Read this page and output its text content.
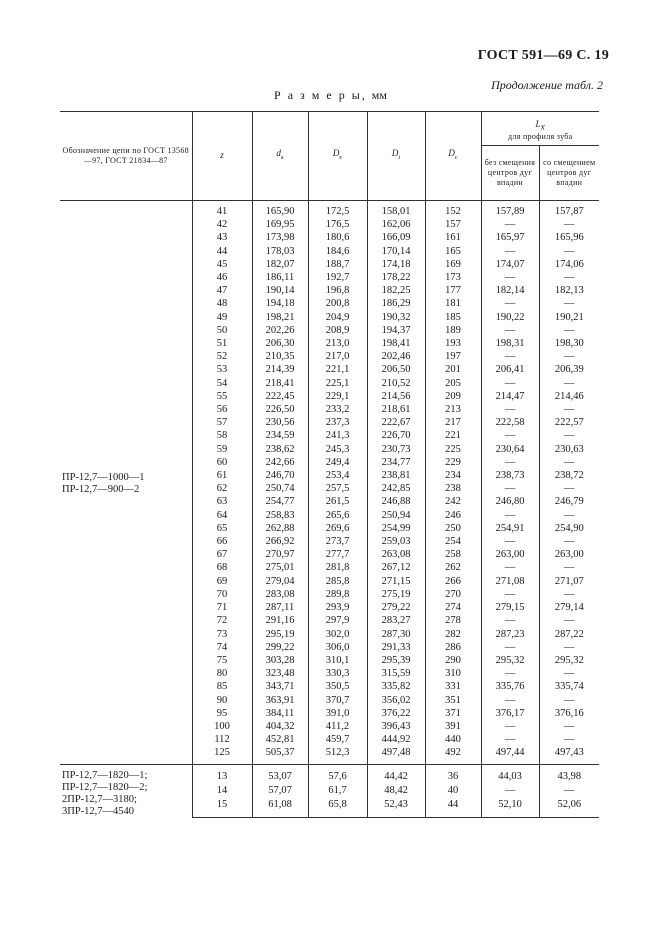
ГОСТ 591—69 С. 19
Продолжение табл. 2
Р а з м е р ы, мм
Обозначение цепи по ГОСТ 13568—97, ГОСТ 21834—87	z	$d_a$	$D_e$	$D_i$	$D_c$	$L_x$
для профиля зуба	

						без смещения центров дуг впадин	со смещением центров дуг впадин

ПР-12,7—1000—1
ПР-12,7—900—2	41	165,90	172,5	158,01	152	157,89	157,87
	42	169,95	176,5	162,06	157	—	—
	43	173,98	180,6	166,09	161	165,97	165,96
	44	178,03	184,6	170,14	165	—	—
	45	182,07	188,7	174,18	169	174,07	174,06
	46	186,11	192,7	178,22	173	—	—
	47	190,14	196,8	182,25	177	182,14	182,13
	48	194,18	200,8	186,29	181	—	—
	49	198,21	204,9	190,32	185	190,22	190,21
	50	202,26	208,9	194,37	189	—	—
	51	206,30	213,0	198,41	193	198,31	198,30
	52	210,35	217,0	202,46	197	—	—
	53	214,39	221,1	206,50	201	206,41	206,39
	54	218,41	225,1	210,52	205	—	—
	55	222,45	229,1	214,56	209	214,47	214,46
	56	226,50	233,2	218,61	213	—	—
	57	230,56	237,3	222,67	217	222,58	222,57
	58	234,59	241,3	226,70	221	—	—
	59	238,62	245,3	230,73	225	230,64	230,63
	60	242,66	249,4	234,77	229	—	—
	61	246,70	253,4	238,81	234	238,73	238,72
	62	250,74	257,5	242,85	238	—	—
	63	254,77	261,5	246,88	242	246,80	246,79
	64	258,83	265,6	250,94	246	—	—
	65	262,88	269,6	254,99	250	254,91	254,90
	66	266,92	273,7	259,03	254	—	—
	67	270,97	277,7	263,08	258	263,00	263,00
	68	275,01	281,8	267,12	262	—	—
	69	279,04	285,8	271,15	266	271,08	271,07
	70	283,08	289,8	275,19	270	—	—
	71	287,11	293,9	279,22	274	279,15	279,14
	72	291,16	297,9	283,27	278	—	—
	73	295,19	302,0	287,30	282	287,23	287,22
	74	299,22	306,0	291,33	286	—	—
	75	303,28	310,1	295,39	290	295,32	295,32
	80	323,48	330,3	315,59	310	—	—
	85	343,71	350,5	335,82	331	335,76	335,74
	90	363,91	370,7	356,02	351	—	—
	95	384,11	391,0	376,22	371	376,17	376,16
	100	404,32	411,2	396,43	391	—	—
	112	452,81	459,7	444,92	440	—	—
	125	505,37	512,3	497,48	492	497,44	497,43

ПР-12,7—1820—1;
ПР-12,7—1820—2;
2ПР-12,7—3180;
3ПР-12,7—4540	13	53,07	57,6	44,42	36	44,03	43,98
	14	57,07	61,7	48,42	40	—	—
	15	61,08	65,8	52,43	44	52,10	52,06
